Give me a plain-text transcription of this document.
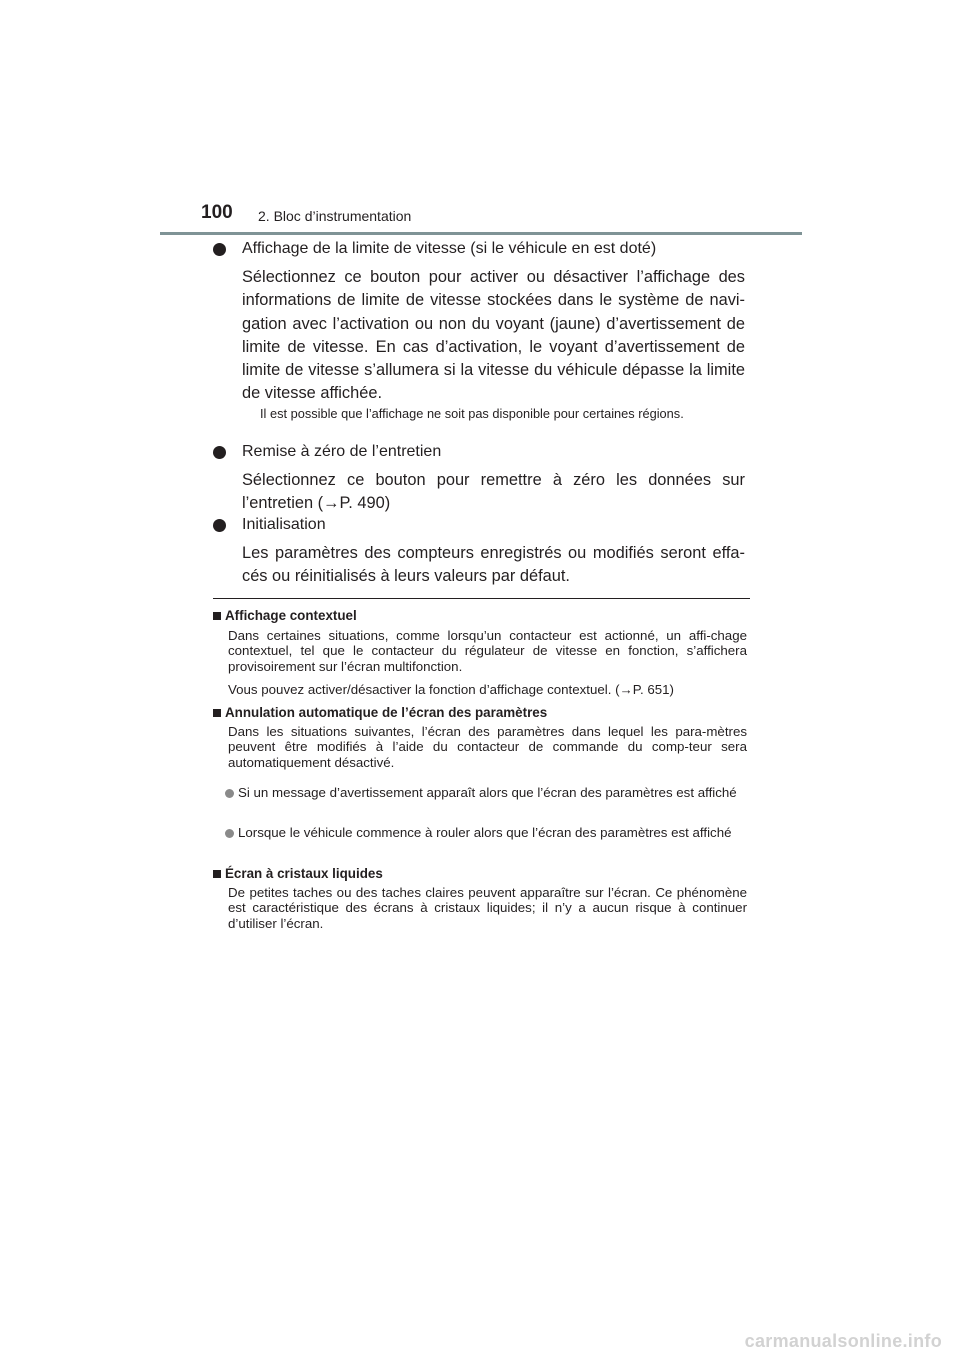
100 2. Bloc d’instrumentation
Affichage de la limite de vitesse (si le véhicule en est doté)

Sélectionnez ce bouton pour activer ou désactiver l’affichage des informations de limite de vitesse stockées dans le système de navi-gation avec l’activation ou non du voyant (jaune) d’avertissement de limite de vitesse. En cas d’activation, le voyant d’avertissement de limite de vitesse s’allumera si la vitesse du véhicule dépasse la limite de vitesse affichée.

Il est possible que l’affichage ne soit pas disponible pour certaines régions.

Remise à zéro de l’entretien

Sélectionnez ce bouton pour remettre à zéro les données sur l’entretien (→P. 490)

Initialisation

Les paramètres des compteurs enregistrés ou modifiés seront effa-cés ou réinitialisés à leurs valeurs par défaut.

Affichage contextuel

Dans certaines situations, comme lorsqu’un contacteur est actionné, un affi-chage contextuel, tel que le contacteur du régulateur de vitesse en fonction, s’affichera provisoirement sur l’écran multifonction.

Vous pouvez activer/désactiver la fonction d’affichage contextuel. (→P. 651)

Annulation automatique de l’écran des paramètres

Dans les situations suivantes, l’écran des paramètres dans lequel les para-mètres peuvent être modifiés à l’aide du contacteur de commande du comp-teur sera automatiquement désactivé.

Si un message d’avertissement apparaît alors que l’écran des paramètres est affiché

Lorsque le véhicule commence à rouler alors que l’écran des paramètres est affiché

Écran à cristaux liquides

De petites taches ou des taches claires peuvent apparaître sur l’écran. Ce phénomène est caractéristique des écrans à cristaux liquides; il n’y a aucun risque à continuer d’utiliser l’écran.

carmanualsonline.info
